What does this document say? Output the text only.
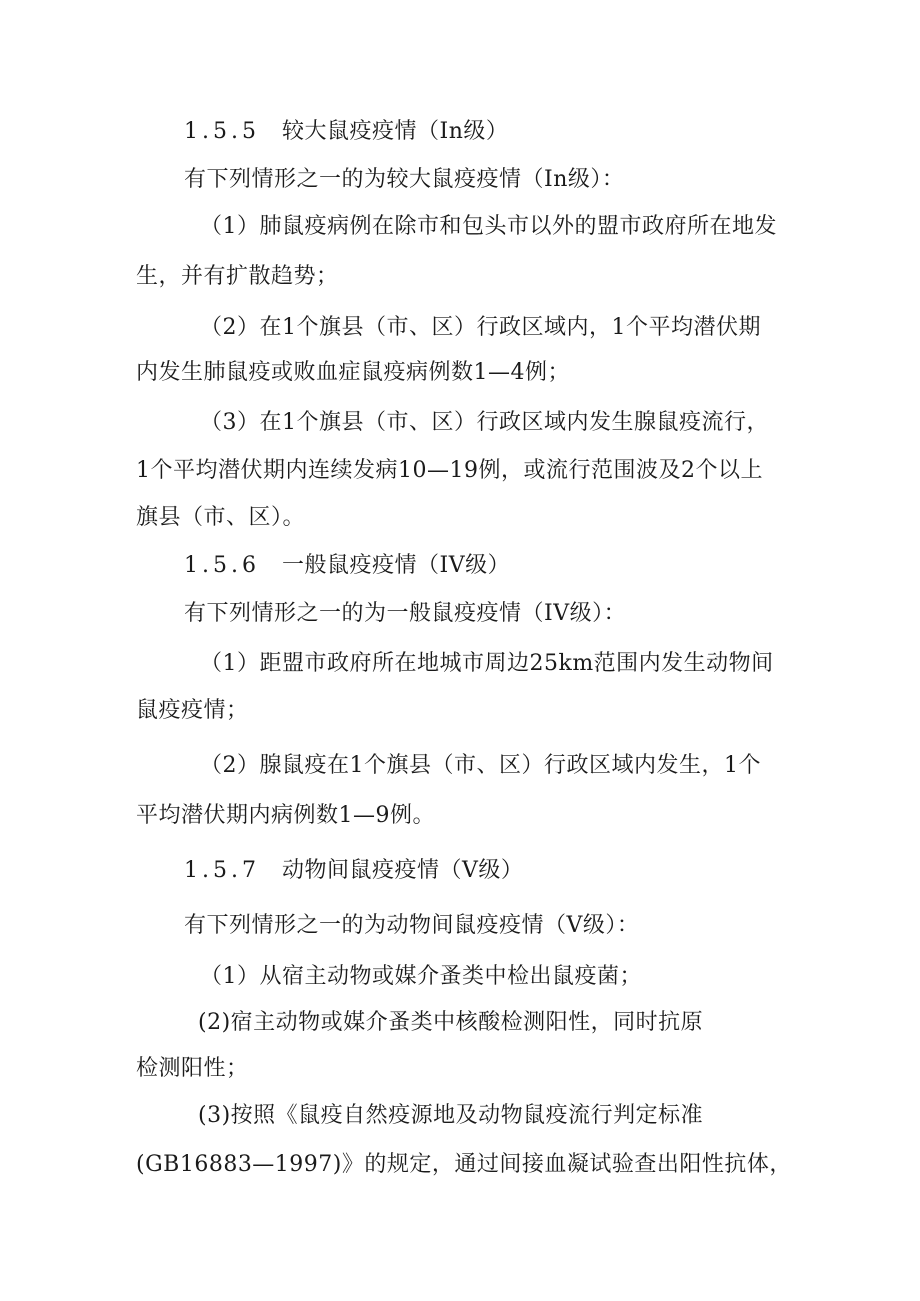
1.5.5 较大鼠疫疫情（In级）
有下列情形之一的为较大鼠疫疫情（In级）：
（1）肺鼠疫病例在除市和包头市以外的盟市政府所在地发
生，并有扩散趋势；
（2）在1个旗县（市、区）行政区域内，1个平均潜伏期
内发生肺鼠疫或败血症鼠疫病例数1—4例；
（3）在1个旗县（市、区）行政区域内发生腺鼠疫流行，
1个平均潜伏期内连续发病10—19例，或流行范围波及2个以上
旗县（市、区）。
1.5.6 一般鼠疫疫情（IV级）
有下列情形之一的为一般鼠疫疫情（IV级）：
（1）距盟市政府所在地城市周边25km范围内发生动物间
鼠疫疫情；
（2）腺鼠疫在1个旗县（市、区）行政区域内发生，1个
平均潜伏期内病例数1—9例。
1.5.7 动物间鼠疫疫情（V级）
有下列情形之一的为动物间鼠疫疫情（V级）：
（1）从宿主动物或媒介蚤类中检出鼠疫菌；
(2)宿主动物或媒介蚤类中核酸检测阳性，同时抗原
检测阳性；
(3)按照《鼠疫自然疫源地及动物鼠疫流行判定标准
(GB16883—1997)》的规定，通过间接血凝试验查出阳性抗体，
